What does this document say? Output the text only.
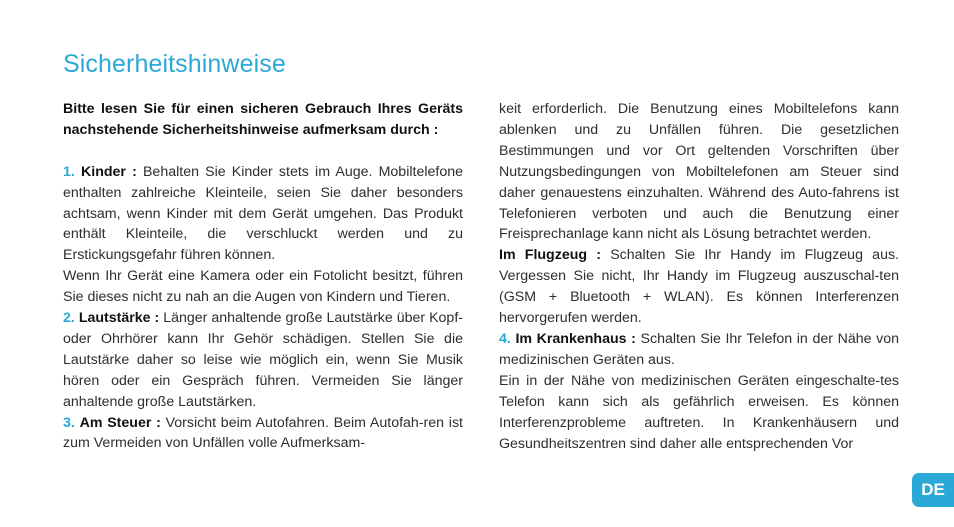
Sicherheitshinweise

Bitte lesen Sie für einen sicheren Gebrauch Ihres Geräts nachstehende Sicherheitshinweise aufmerksam durch :

1. Kinder : Behalten Sie Kinder stets im Auge. Mobiltelefone enthalten zahlreiche Kleinteile, seien Sie daher besonders achtsam, wenn Kinder mit dem Gerät umgehen. Das Produkt enthält Kleinteile, die verschluckt werden und zu Erstickungsgefahr führen können.

Wenn Ihr Gerät eine Kamera oder ein Fotolicht besitzt, führen Sie dieses nicht zu nah an die Augen von Kindern und Tieren.

2. Lautstärke : Länger anhaltende große Lautstärke über Kopf- oder Ohrhörer kann Ihr Gehör schädigen. Stellen Sie die Lautstärke daher so leise wie möglich ein, wenn Sie Musik hören oder ein Gespräch führen. Vermeiden Sie länger anhaltende große Lautstärken.

3. Am Steuer : Vorsicht beim Autofahren. Beim Autofah-ren ist zum Vermeiden von Unfällen volle Aufmerksam-

keit erforderlich. Die Benutzung eines Mobiltelefons kann ablenken und zu Unfällen führen. Die gesetzlichen Bestimmungen und vor Ort geltenden Vorschriften über Nutzungsbedingungen von Mobiltelefonen am Steuer sind daher genauestens einzuhalten. Während des Auto-fahrens ist Telefonieren verboten und auch die Benutzung einer Freisprechanlage kann nicht als Lösung betrachtet werden.

Im Flugzeug : Schalten Sie Ihr Handy im Flugzeug aus. Vergessen Sie nicht, Ihr Handy im Flugzeug auszuschal-ten (GSM + Bluetooth + WLAN). Es können Interferenzen hervorgerufen werden.

4. Im Krankenhaus : Schalten Sie Ihr Telefon in der Nähe von medizinischen Geräten aus.

Ein in der Nähe von medizinischen Geräten eingeschalte-tes Telefon kann sich als gefährlich erweisen. Es können Interferenzprobleme auftreten. In Krankenhäusern und Gesundheitszentren sind daher alle entsprechenden Vor

DE
